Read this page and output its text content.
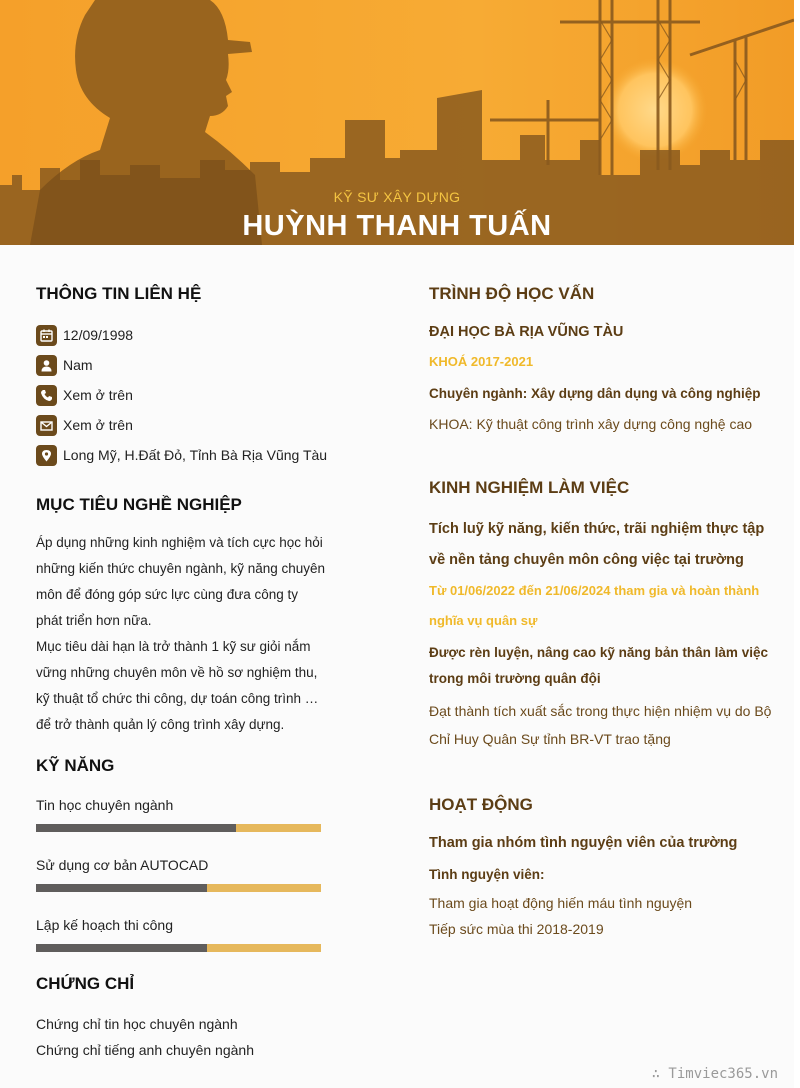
KỸ SƯ XÂY DỰNG
HUỲNH THANH TUẤN
THÔNG TIN LIÊN HỆ
12/09/1998
Nam
Xem ở trên
Xem ở trên
Long Mỹ, H.Đất Đỏ, Tỉnh Bà Rịa Vũng Tàu
MỤC TIÊU NGHỀ NGHIỆP
Áp dụng những kinh nghiệm và tích cực học hỏi
những kiến thức chuyên ngành, kỹ năng chuyên
môn để đóng góp sức lực cùng đưa công ty
phát triển hơn nữa.
Mục tiêu dài hạn là trở thành 1 kỹ sư giỏi nắm
vững những chuyên môn về hồ sơ nghiệm thu,
kỹ thuật tổ chức thi công, dự toán công trình …
để trở thành quản lý công trình xây dựng.
KỸ NĂNG
Tin học chuyên ngành
Sử dụng cơ bản AUTOCAD
Lập kế hoạch thi công
CHỨNG CHỈ
Chứng chỉ tin học chuyên ngành
Chứng chỉ tiếng anh chuyên ngành
TRÌNH ĐỘ HỌC VẤN
ĐẠI HỌC BÀ RỊA VŨNG TÀU
KHOÁ 2017-2021
Chuyên ngành: Xây dựng dân dụng và công nghiệp
KHOA: Kỹ thuật công trình xây dựng công nghệ cao
KINH NGHIỆM LÀM VIỆC
Tích luỹ kỹ năng, kiến thức, trãi nghiệm thực tập
về nền tảng chuyên môn công việc tại trường
Từ 01/06/2022 đến 21/06/2024 tham gia và hoàn thành
nghĩa vụ quân sự
Được rèn luyện, nâng cao kỹ năng bản thân làm việc
trong môi trường quân đội
Đạt thành tích xuất sắc trong thực hiện nhiệm vụ do Bộ
Chỉ Huy Quân Sự tỉnh BR-VT trao tặng
HOẠT ĐỘNG
Tham gia nhóm tình nguyện viên của trường
Tình nguyện viên:
Tham gia hoạt động hiến máu tình nguyện
Tiếp sức mùa thi 2018-2019
∴ Timviec365.vn
